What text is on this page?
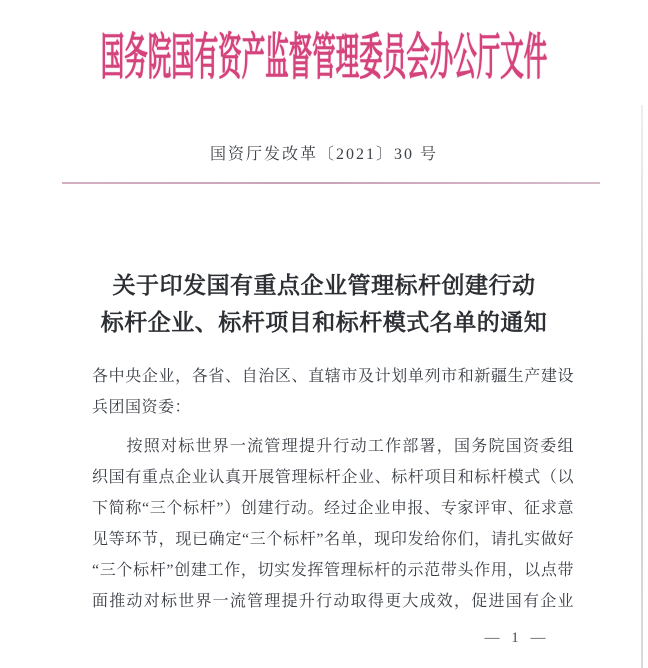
国务院国有资产监督管理委员会办公厅文件
国资厅发改革〔2021〕30 号
关于印发国有重点企业管理标杆创建行动
标杆企业、标杆项目和标杆模式名单的通知
各中央企业，各省、自治区、直辖市及计划单列市和新疆生产建设
兵团国资委：
　　按照对标世界一流管理提升行动工作部署，国务院国资委组
织国有重点企业认真开展管理标杆企业、标杆项目和标杆模式（以
下简称“三个标杆”）创建行动。经过企业申报、专家评审、征求意
见等环节，现已确定“三个标杆”名单，现印发给你们，请扎实做好
“三个标杆”创建工作，切实发挥管理标杆的示范带头作用，以点带
面推动对标世界一流管理提升行动取得更大成效，促进国有企业
— 1 —
